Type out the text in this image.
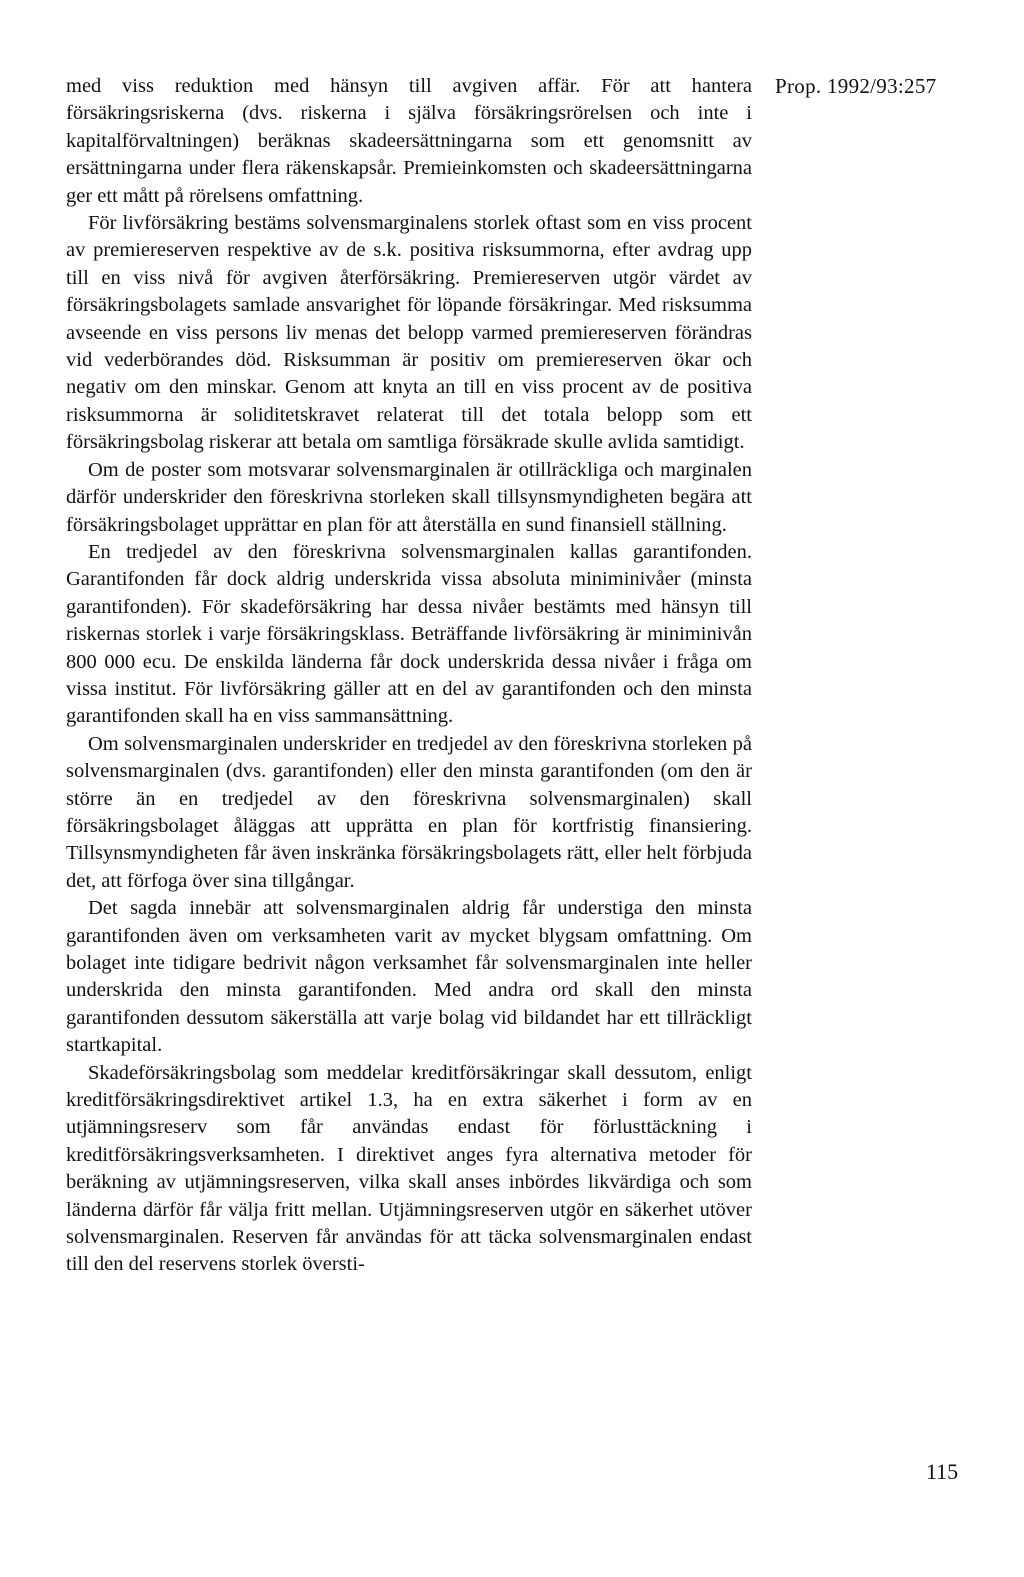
Prop. 1992/93:257

med viss reduktion med hänsyn till avgiven affär. För att hantera försäkringsriskerna (dvs. riskerna i själva försäkringsrörelsen och inte i kapitalförvaltningen) beräknas skadeersättningarna som ett genomsnitt av ersättningarna under flera räkenskapsår. Premieinkomsten och skadeersättningarna ger ett mått på rörelsens omfattning.

För livförsäkring bestäms solvensmarginalens storlek oftast som en viss procent av premiereserven respektive av de s.k. positiva risksummorna, efter avdrag upp till en viss nivå för avgiven återförsäkring. Premiereserven utgör värdet av försäkringsbolagets samlade ansvarighet för löpande försäkringar. Med risksumma avseende en viss persons liv menas det belopp varmed premiereserven förändras vid vederbörandes död. Risksumman är positiv om premiereserven ökar och negativ om den minskar. Genom att knyta an till en viss procent av de positiva risksummorna är soliditetskravet relaterat till det totala belopp som ett försäkringsbolag riskerar att betala om samtliga försäkrade skulle avlida samtidigt.

Om de poster som motsvarar solvensmarginalen är otillräckliga och marginalen därför underskrider den föreskrivna storleken skall tillsynsmyndigheten begära att försäkringsbolaget upprättar en plan för att återställa en sund finansiell ställning.

En tredjedel av den föreskrivna solvensmarginalen kallas garantifonden. Garantifonden får dock aldrig underskrida vissa absoluta miniminivåer (minsta garantifonden). För skadeförsäkring har dessa nivåer bestämts med hänsyn till riskernas storlek i varje försäkringsklass. Beträffande livförsäkring är miniminivån 800 000 ecu. De enskilda länderna får dock underskrida dessa nivåer i fråga om vissa institut. För livförsäkring gäller att en del av garantifonden och den minsta garantifonden skall ha en viss sammansättning.

Om solvensmarginalen underskrider en tredjedel av den föreskrivna storleken på solvensmarginalen (dvs. garantifonden) eller den minsta garantifonden (om den är större än en tredjedel av den föreskrivna solvensmarginalen) skall försäkringsbolaget åläggas att upprätta en plan för kortfristig finansiering. Tillsynsmyndigheten får även inskränka försäkringsbolagets rätt, eller helt förbjuda det, att förfoga över sina tillgångar.

Det sagda innebär att solvensmarginalen aldrig får understiga den minsta garantifonden även om verksamheten varit av mycket blygsam omfattning. Om bolaget inte tidigare bedrivit någon verksamhet får solvensmarginalen inte heller underskrida den minsta garantifonden. Med andra ord skall den minsta garantifonden dessutom säkerställa att varje bolag vid bildandet har ett tillräckligt startkapital.

Skadeförsäkringsbolag som meddelar kreditförsäkringar skall dessutom, enligt kreditförsäkringsdirektivet artikel 1.3, ha en extra säkerhet i form av en utjämningsreserv som får användas endast för förlusttäckning i kreditförsäkringsverksamheten. I direktivet anges fyra alternativa metoder för beräkning av utjämningsreserven, vilka skall anses inbördes likvärdiga och som länderna därför får välja fritt mellan. Utjämningsreserven utgör en säkerhet utöver solvensmarginalen. Reserven får användas för att täcka solvensmarginalen endast till den del reservens storlek översti-

115
